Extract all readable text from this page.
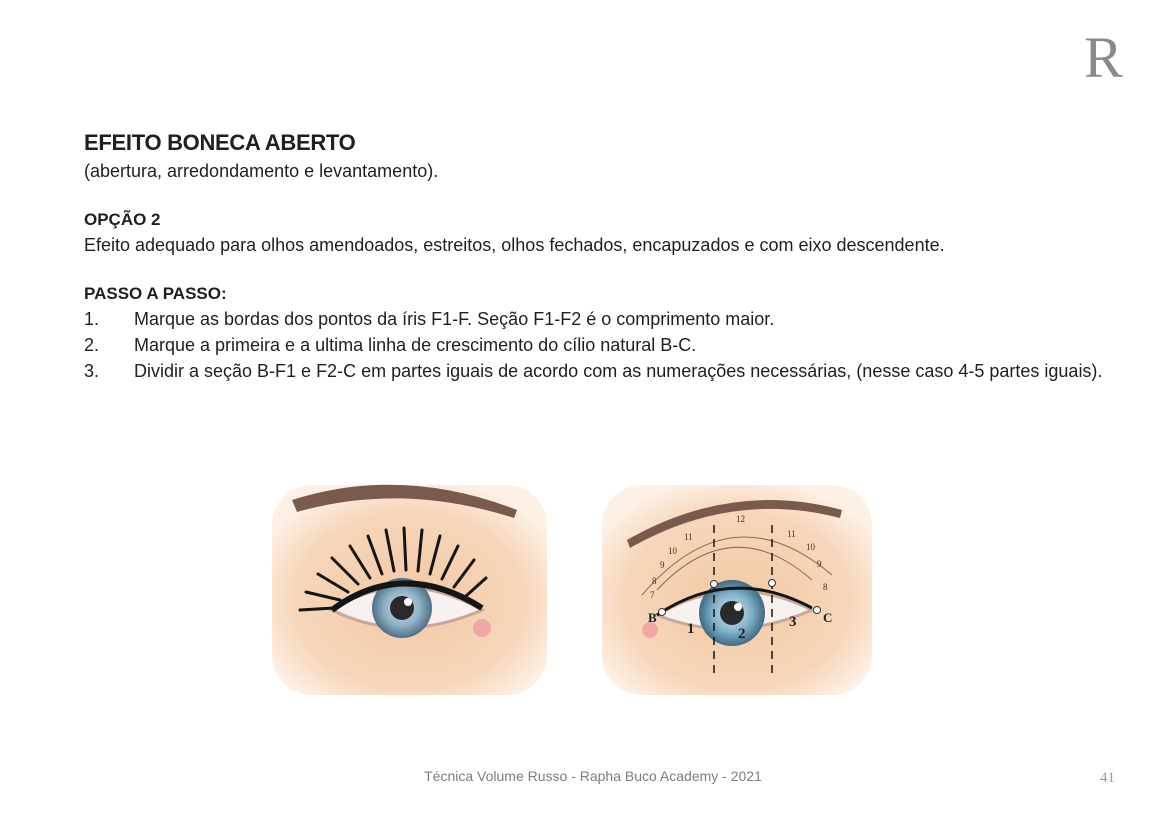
R
EFEITO BONECA ABERTO

(abertura, arredondamento e levantamento).

OPÇÃO 2

Efeito adequado para olhos amendoados, estreitos, olhos fechados, encapuzados e com eixo descendente.

PASSO A PASSO:
1.	Marque as bordas dos pontos da íris F1-F. Seção F1-F2 é o comprimento maior.
2.	Marque a primeira e a ultima linha de crescimento do cílio natural B-C.
3.	Dividir a seção B-F1 e F2-C em partes iguais de acordo com as numerações necessárias, (nesse caso 4-5 partes iguais).
B	C
1	2
3
7
8
9
10
11
12
11
10
9
8
Técnica Volume Russo - Rapha Buco Academy - 2021	41
